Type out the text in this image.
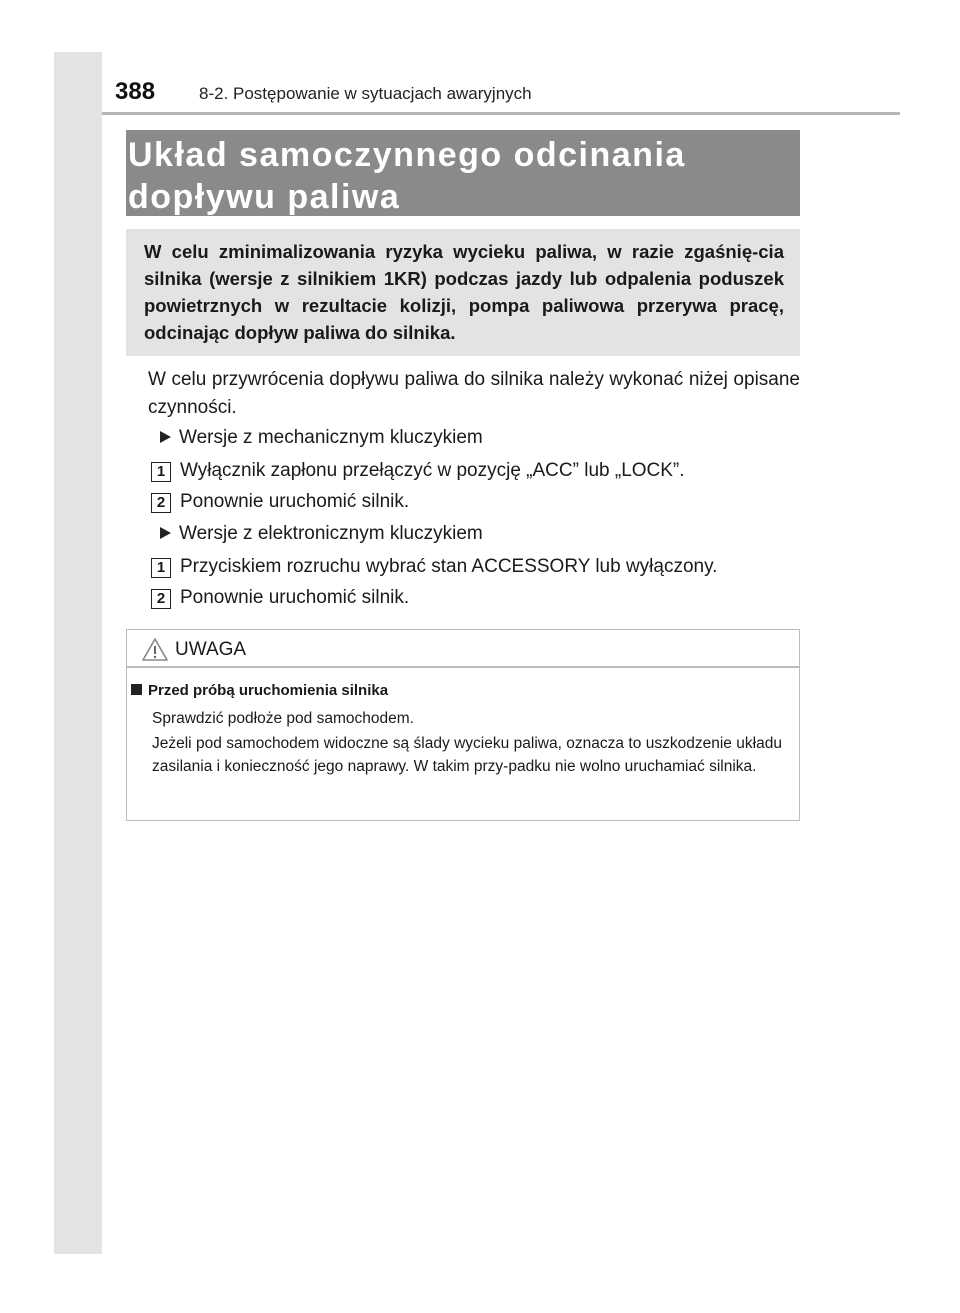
388	8-2. Postępowanie w sytuacjach awaryjnych
Układ samoczynnego odcinania dopływu paliwa
W celu zminimalizowania ryzyka wycieku paliwa, w razie zgaśnię-cia silnika (wersje z silnikiem 1KR) podczas jazdy lub odpalenia poduszek powietrznych w rezultacie kolizji, pompa paliwowa przerywa pracę, odcinając dopływ paliwa do silnika.
W celu przywrócenia dopływu paliwa do silnika należy wykonać niżej opisane czynności.
Wersje z mechanicznym kluczykiem
1 Wyłącznik zapłonu przełączyć w pozycję „ACC” lub „LOCK”.
2 Ponownie uruchomić silnik.
Wersje z elektronicznym kluczykiem
1 Przyciskiem rozruchu wybrać stan ACCESSORY lub wyłączony.
2 Ponownie uruchomić silnik.
UWAGA
Przed próbą uruchomienia silnika
Sprawdzić podłoże pod samochodem.
Jeżeli pod samochodem widoczne są ślady wycieku paliwa, oznacza to uszkodzenie układu zasilania i konieczność jego naprawy. W takim przy-padku nie wolno uruchamiać silnika.
